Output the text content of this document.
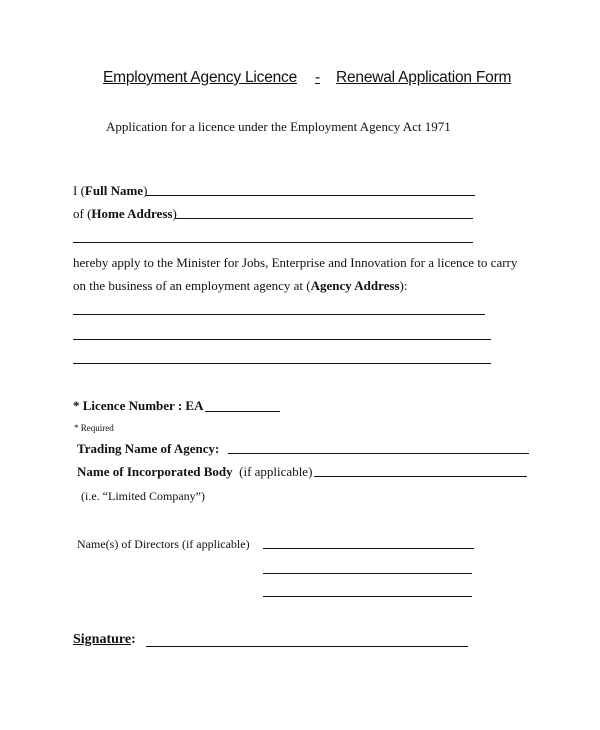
Employment Agency Licence - Renewal Application Form
Application for a licence under the Employment Agency Act 1971
I (Full Name)
of (Home Address)
hereby apply to the Minister for Jobs, Enterprise and Innovation for a licence to carry
on the business of an employment agency at (Agency Address):
* Licence Number : EA
* Required
Trading Name of Agency:
Name of Incorporated Body (if applicable)
(i.e. “Limited Company”)
Name(s) of Directors (if applicable)
Signature:
